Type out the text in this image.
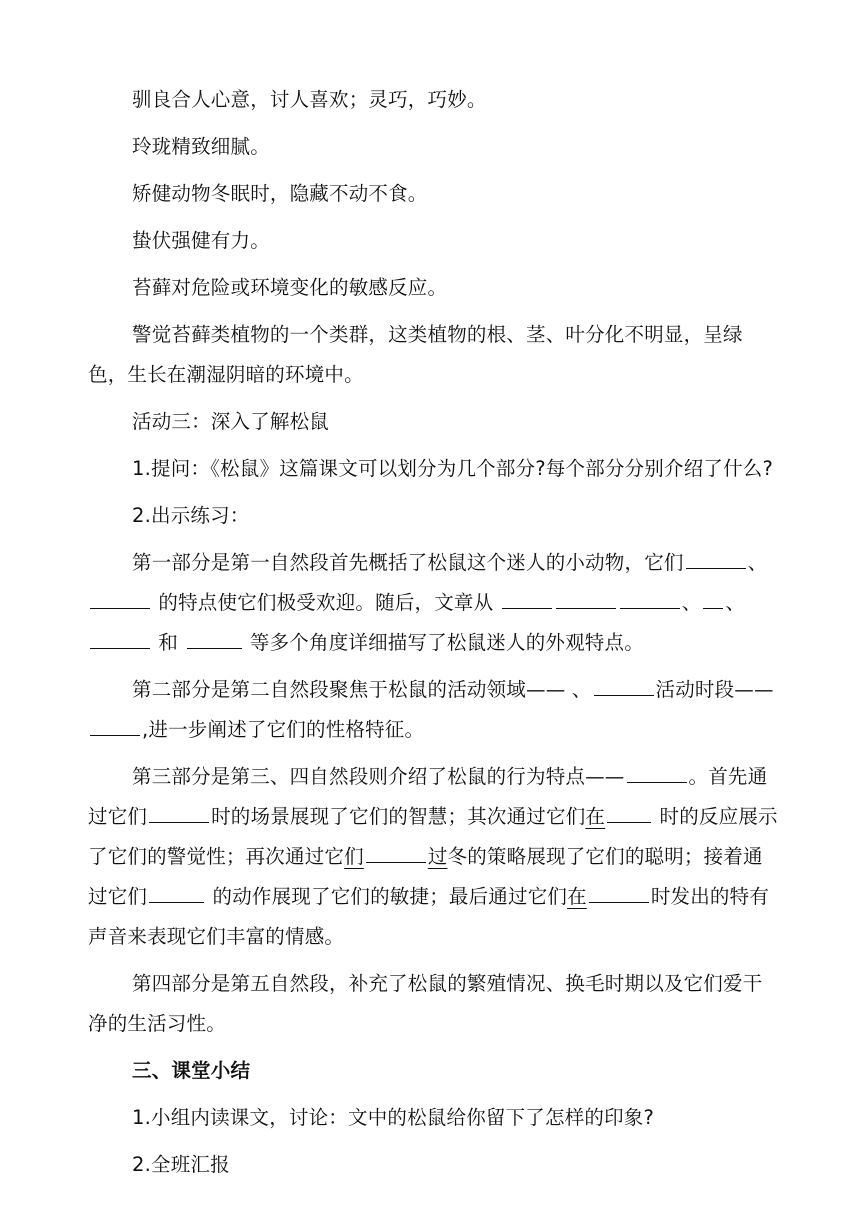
驯良合人心意，讨人喜欢；灵巧，巧妙。

玲珑精致细腻。

矫健动物冬眠时，隐藏不动不食。

蛰伏强健有力。

苔藓对危险或环境变化的敏感反应。

警觉苔藓类植物的一个类群，这类植物的根、茎、叶分化不明显，呈绿色，生长在潮湿阴暗的环境中。

活动三：深入了解松鼠

1.提问：《松鼠》这篇课文可以划分为几个部分?每个部分分别介绍了什么?

2.出示练习：

第一部分是第一自然段首先概括了松鼠这个迷人的小动物，它们	、 的特点使它们极受欢迎。随后，文章从	、 、 和	等多个角度详细描写了松鼠迷人的外观特点。

第二部分是第二自然段聚焦于松鼠的活动领域—— 、	活动时段—— ,进一步阐述了它们的性格特征。

第三部分是第三、四自然段则介绍了松鼠的行为特点——	。首先通过它们	时的场景展现了它们的智慧；其次通过它们在 时的反应展示了它们的警觉性；再次通过它们	过冬的策略展现了它们的聪明；接着通过它们	的动作展现了它们的敏捷；最后通过它们在	时发出的特有声音来表现它们丰富的情感。

第四部分是第五自然段，补充了松鼠的繁殖情况、换毛时期以及它们爱干净的生活习性。

三、课堂小结

1.小组内读课文，讨论：文中的松鼠给你留下了怎样的印象?

2.全班汇报
